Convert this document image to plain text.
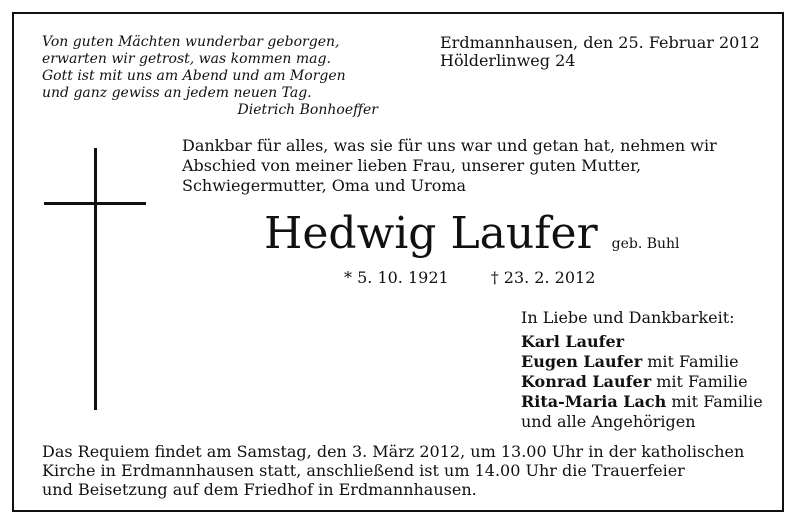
Von guten Mächten wunderbar geborgen,
erwarten wir getrost, was kommen mag.
Gott ist mit uns am Abend und am Morgen
und ganz gewiss an jedem neuen Tag.
Dietrich Bonhoeffer
Erdmannhausen, den 25. Februar 2012
Hölderlinweg 24
Dankbar für alles, was sie für uns war und getan hat, nehmen wir
Abschied von meiner lieben Frau, unserer guten Mutter,
Schwiegermutter, Oma und Uroma
Hedwig Laufer geb. Buhl
* 5. 10. 1921	† 23. 2. 2012
In Liebe und Dankbarkeit:
Karl Laufer
Eugen Laufer mit Familie
Konrad Laufer mit Familie
Rita-Maria Lach mit Familie
und alle Angehörigen
Das Requiem findet am Samstag, den 3. März 2012, um 13.00 Uhr in der katholischen
Kirche in Erdmannhausen statt, anschließend ist um 14.00 Uhr die Trauerfeier
und Beisetzung auf dem Friedhof in Erdmannhausen.
